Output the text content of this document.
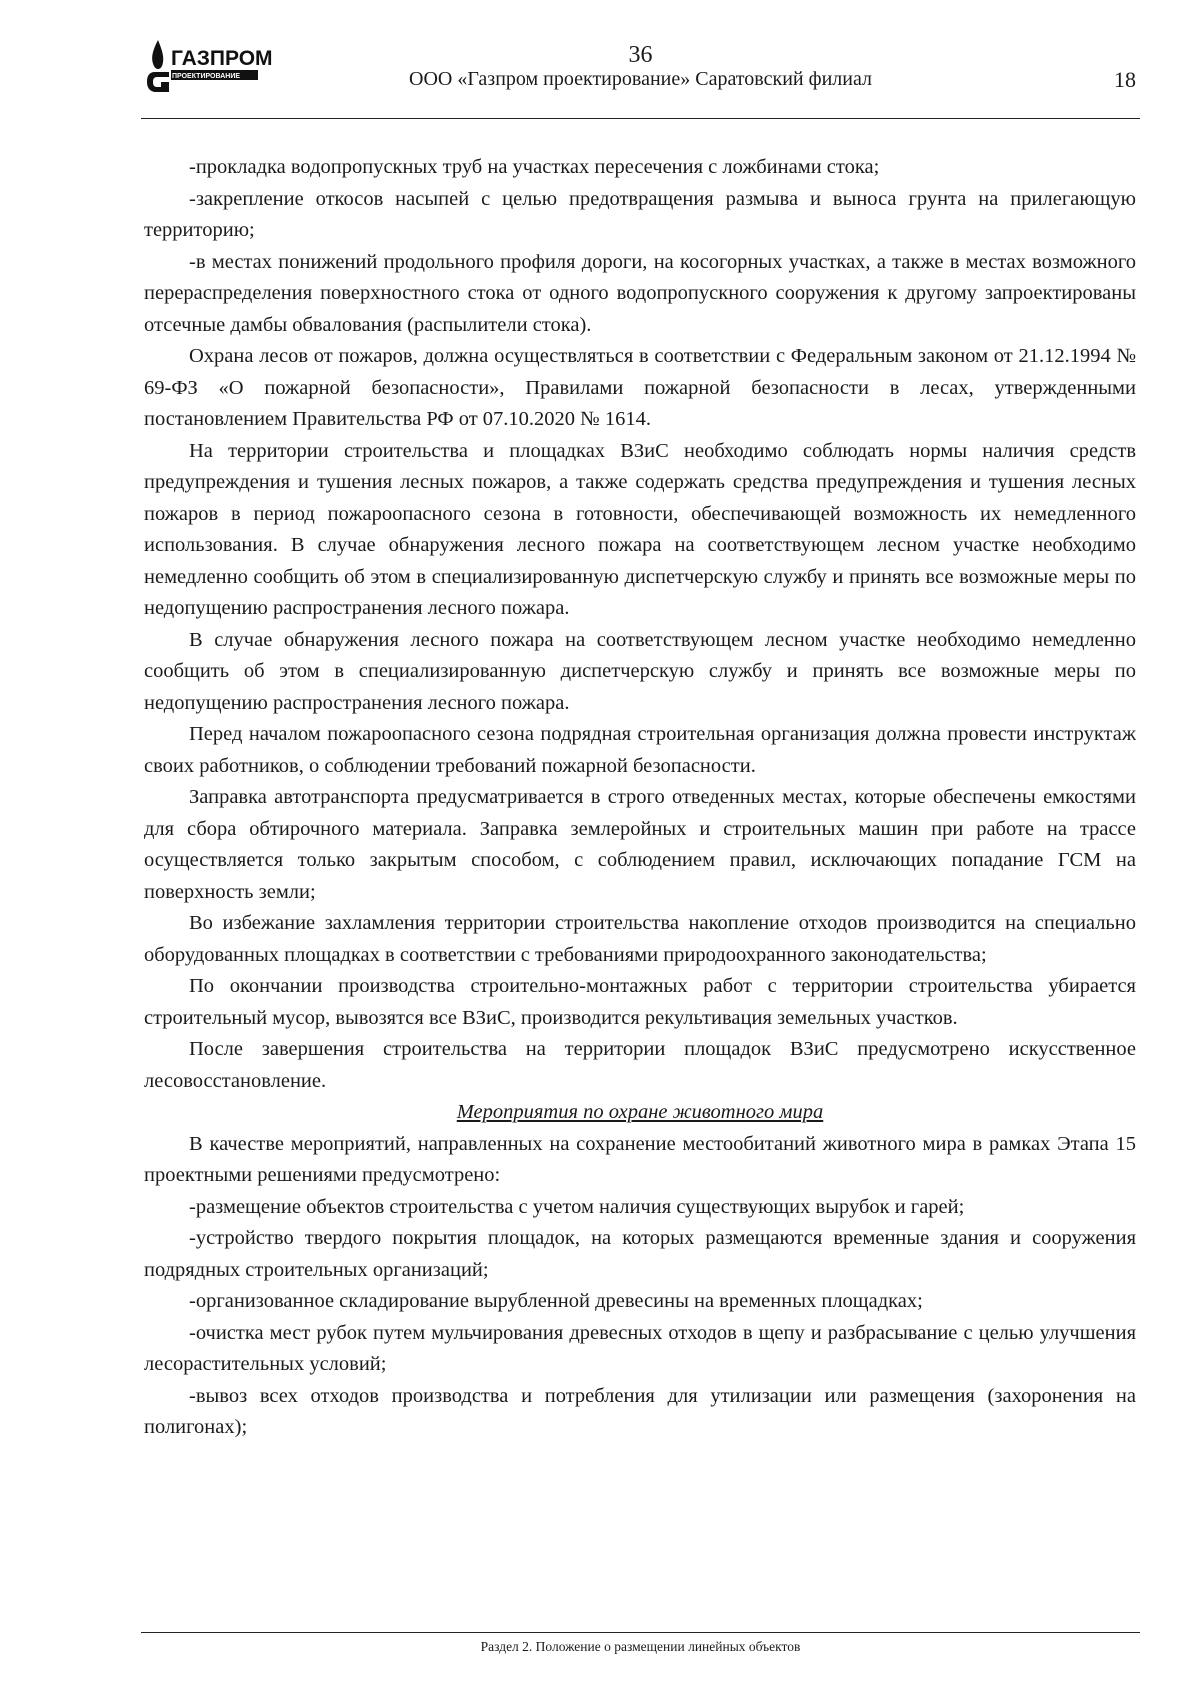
ГАЗПРОМ
ПРОЕКТИРОВАНИЕ
36
ООО «Газпром проектирование» Саратовский филиал	18

-прокладка водопропускных труб на участках пересечения с ложбинами стока;

-закрепление откосов насыпей с целью предотвращения размыва и выноса грунта на прилегающую территорию;

-в местах понижений продольного профиля дороги, на косогорных участках, а также в местах возможного перераспределения поверхностного стока от одного водопропускного сооружения к другому запроектированы отсечные дамбы обвалования (распылители стока).

Охрана лесов от пожаров, должна осуществляться в соответствии с Федеральным законом от 21.12.1994 № 69-ФЗ «О пожарной безопасности», Правилами пожарной безопасности в лесах, утвержденными постановлением Правительства РФ от 07.10.2020 № 1614.

На территории строительства и площадках ВЗиС необходимо соблюдать нормы наличия средств предупреждения и тушения лесных пожаров, а также содержать средства предупреждения и тушения лесных пожаров в период пожароопасного сезона в готовности, обеспечивающей возможность их немедленного использования. В случае обнаружения лесного пожара на соответствующем лесном участке необходимо немедленно сообщить об этом в специализированную диспетчерскую службу и принять все возможные меры по недопущению распространения лесного пожара.

В случае обнаружения лесного пожара на соответствующем лесном участке необходимо немедленно сообщить об этом в специализированную диспетчерскую службу и принять все возможные меры по недопущению распространения лесного пожара.

Перед началом пожароопасного сезона подрядная строительная организация должна провести инструктаж своих работников, о соблюдении требований пожарной безопасности.

Заправка автотранспорта предусматривается в строго отведенных местах, которые обеспечены емкостями для сбора обтирочного материала. Заправка землеройных и строительных машин при работе на трассе осуществляется только закрытым способом, с соблюдением правил, исключающих попадание ГСМ на поверхность земли;

Во избежание захламления территории строительства накопление отходов производится на специально оборудованных площадках в соответствии с требованиями природоохранного законодательства;

По окончании производства строительно-монтажных работ с территории строительства убирается строительный мусор, вывозятся все ВЗиС, производится рекультивация земельных участков.

После завершения строительства на территории площадок ВЗиС предусмотрено искусственное лесовосстановление.

Мероприятия по охране животного мира

В качестве мероприятий, направленных на сохранение местообитаний животного мира в рамках Этапа 15 проектными решениями предусмотрено:

-размещение объектов строительства с учетом наличия существующих вырубок и гарей;

-устройство твердого покрытия площадок, на которых размещаются временные здания и сооружения подрядных строительных организаций;

-организованное складирование вырубленной древесины на временных площадках;

-очистка мест рубок путем мульчирования древесных отходов в щепу и разбрасывание с целью улучшения лесорастительных условий;

-вывоз всех отходов производства и потребления для утилизации или размещения (захоронения на полигонах);

Раздел 2. Положение о размещении линейных объектов
